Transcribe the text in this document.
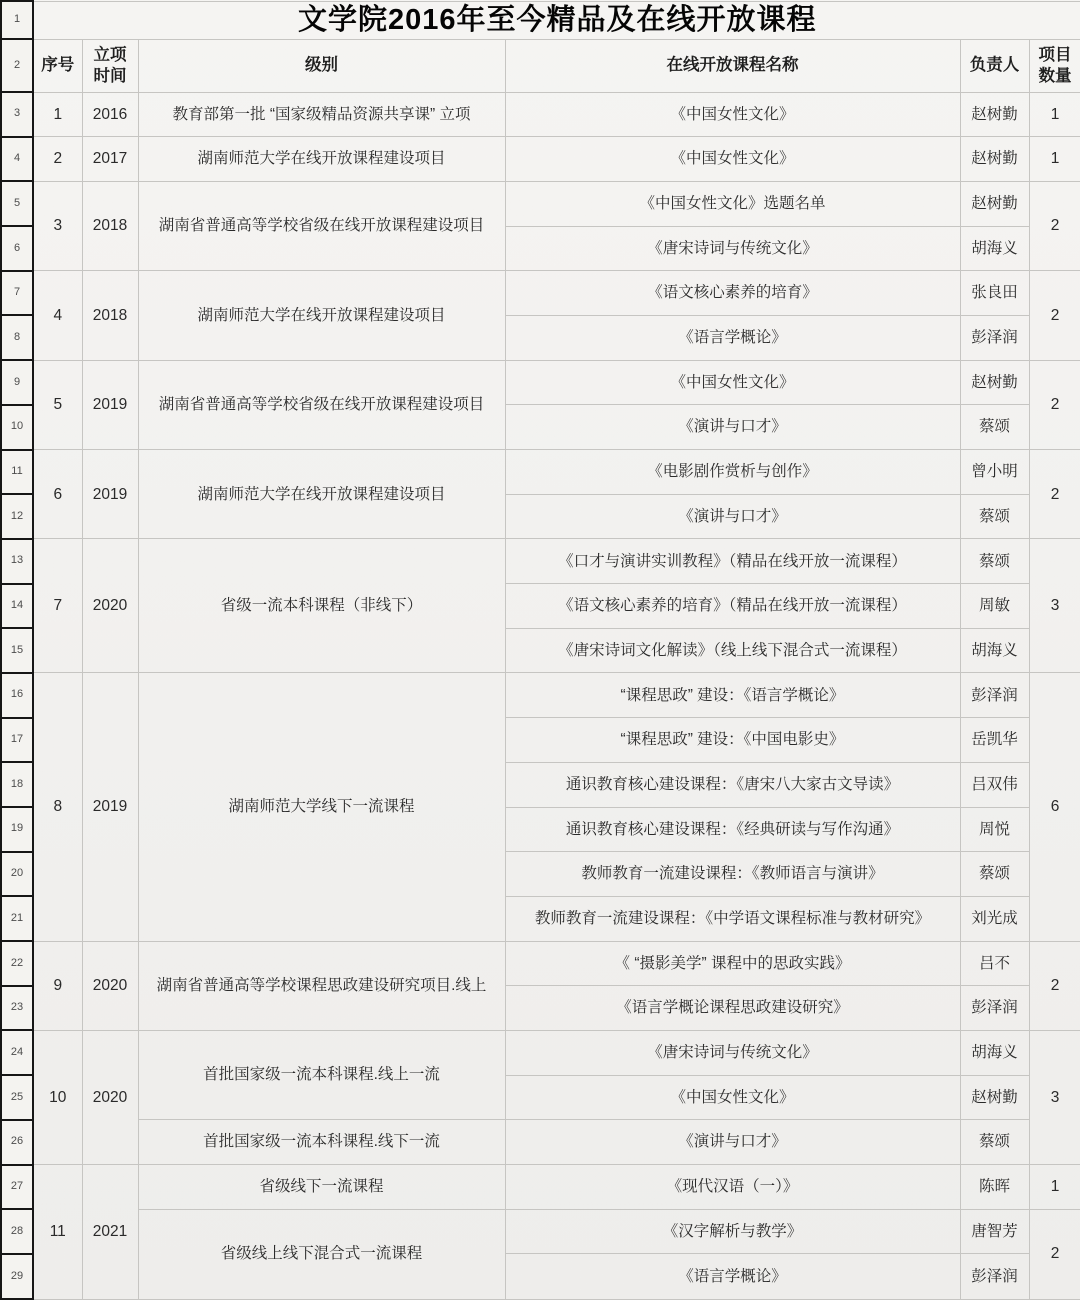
1	文学院2016年至今精品及在线开放课程					
2	序号	立项时间	级别	在线开放课程名称	负责人	项目数量
3	1	2016	教育部第一批 “国家级精品资源共享课” 立项	《中国女性文化》	赵树勤	1
4	2	2017	湖南师范大学在线开放课程建设项目	《中国女性文化》	赵树勤	1
5	3	2018	湖南省普通高等学校省级在线开放课程建设项目	《中国女性文化》选题名单	赵树勤	2
6				《唐宋诗词与传统文化》	胡海义	
7	4	2018	湖南师范大学在线开放课程建设项目	《语文核心素养的培育》	张良田	2
8				《语言学概论》	彭泽润	
9	5	2019	湖南省普通高等学校省级在线开放课程建设项目	《中国女性文化》	赵树勤	2
10				《演讲与口才》	蔡颂	
11	6	2019	湖南师范大学在线开放课程建设项目	《电影剧作赏析与创作》	曾小明	2
12				《演讲与口才》	蔡颂	
13	7	2020	省级一流本科课程（非线下）	《口才与演讲实训教程》（精品在线开放一流课程）	蔡颂	3
14				《语文核心素养的培育》（精品在线开放一流课程）	周敏	
15				《唐宋诗词文化解读》（线上线下混合式一流课程）	胡海义	
16	8	2019	湖南师范大学线下一流课程	“课程思政” 建设：《语言学概论》	彭泽润	6
17				“课程思政” 建设：《中国电影史》	岳凯华	
18				通识教育核心建设课程：《唐宋八大家古文导读》	吕双伟	
19				通识教育核心建设课程：《经典研读与写作沟通》	周悦	
20				教师教育一流建设课程：《教师语言与演讲》	蔡颂	
21				教师教育一流建设课程：《中学语文课程标准与教材研究》	刘光成	
22	9	2020	湖南省普通高等学校课程思政建设研究项目.线上	《 “摄影美学” 课程中的思政实践》	吕不	2
23				《语言学概论课程思政建设研究》	彭泽润	
24	10	2020	首批国家级一流本科课程.线上一流	《唐宋诗词与传统文化》	胡海义	3
25				《中国女性文化》	赵树勤	
26			首批国家级一流本科课程.线下一流	《演讲与口才》	蔡颂	
27	11	2021	省级线下一流课程	《现代汉语（一）》	陈晖	1
28			省级线上线下混合式一流课程	《汉字解析与教学》	唐智芳	2
29				《语言学概论》	彭泽润	
